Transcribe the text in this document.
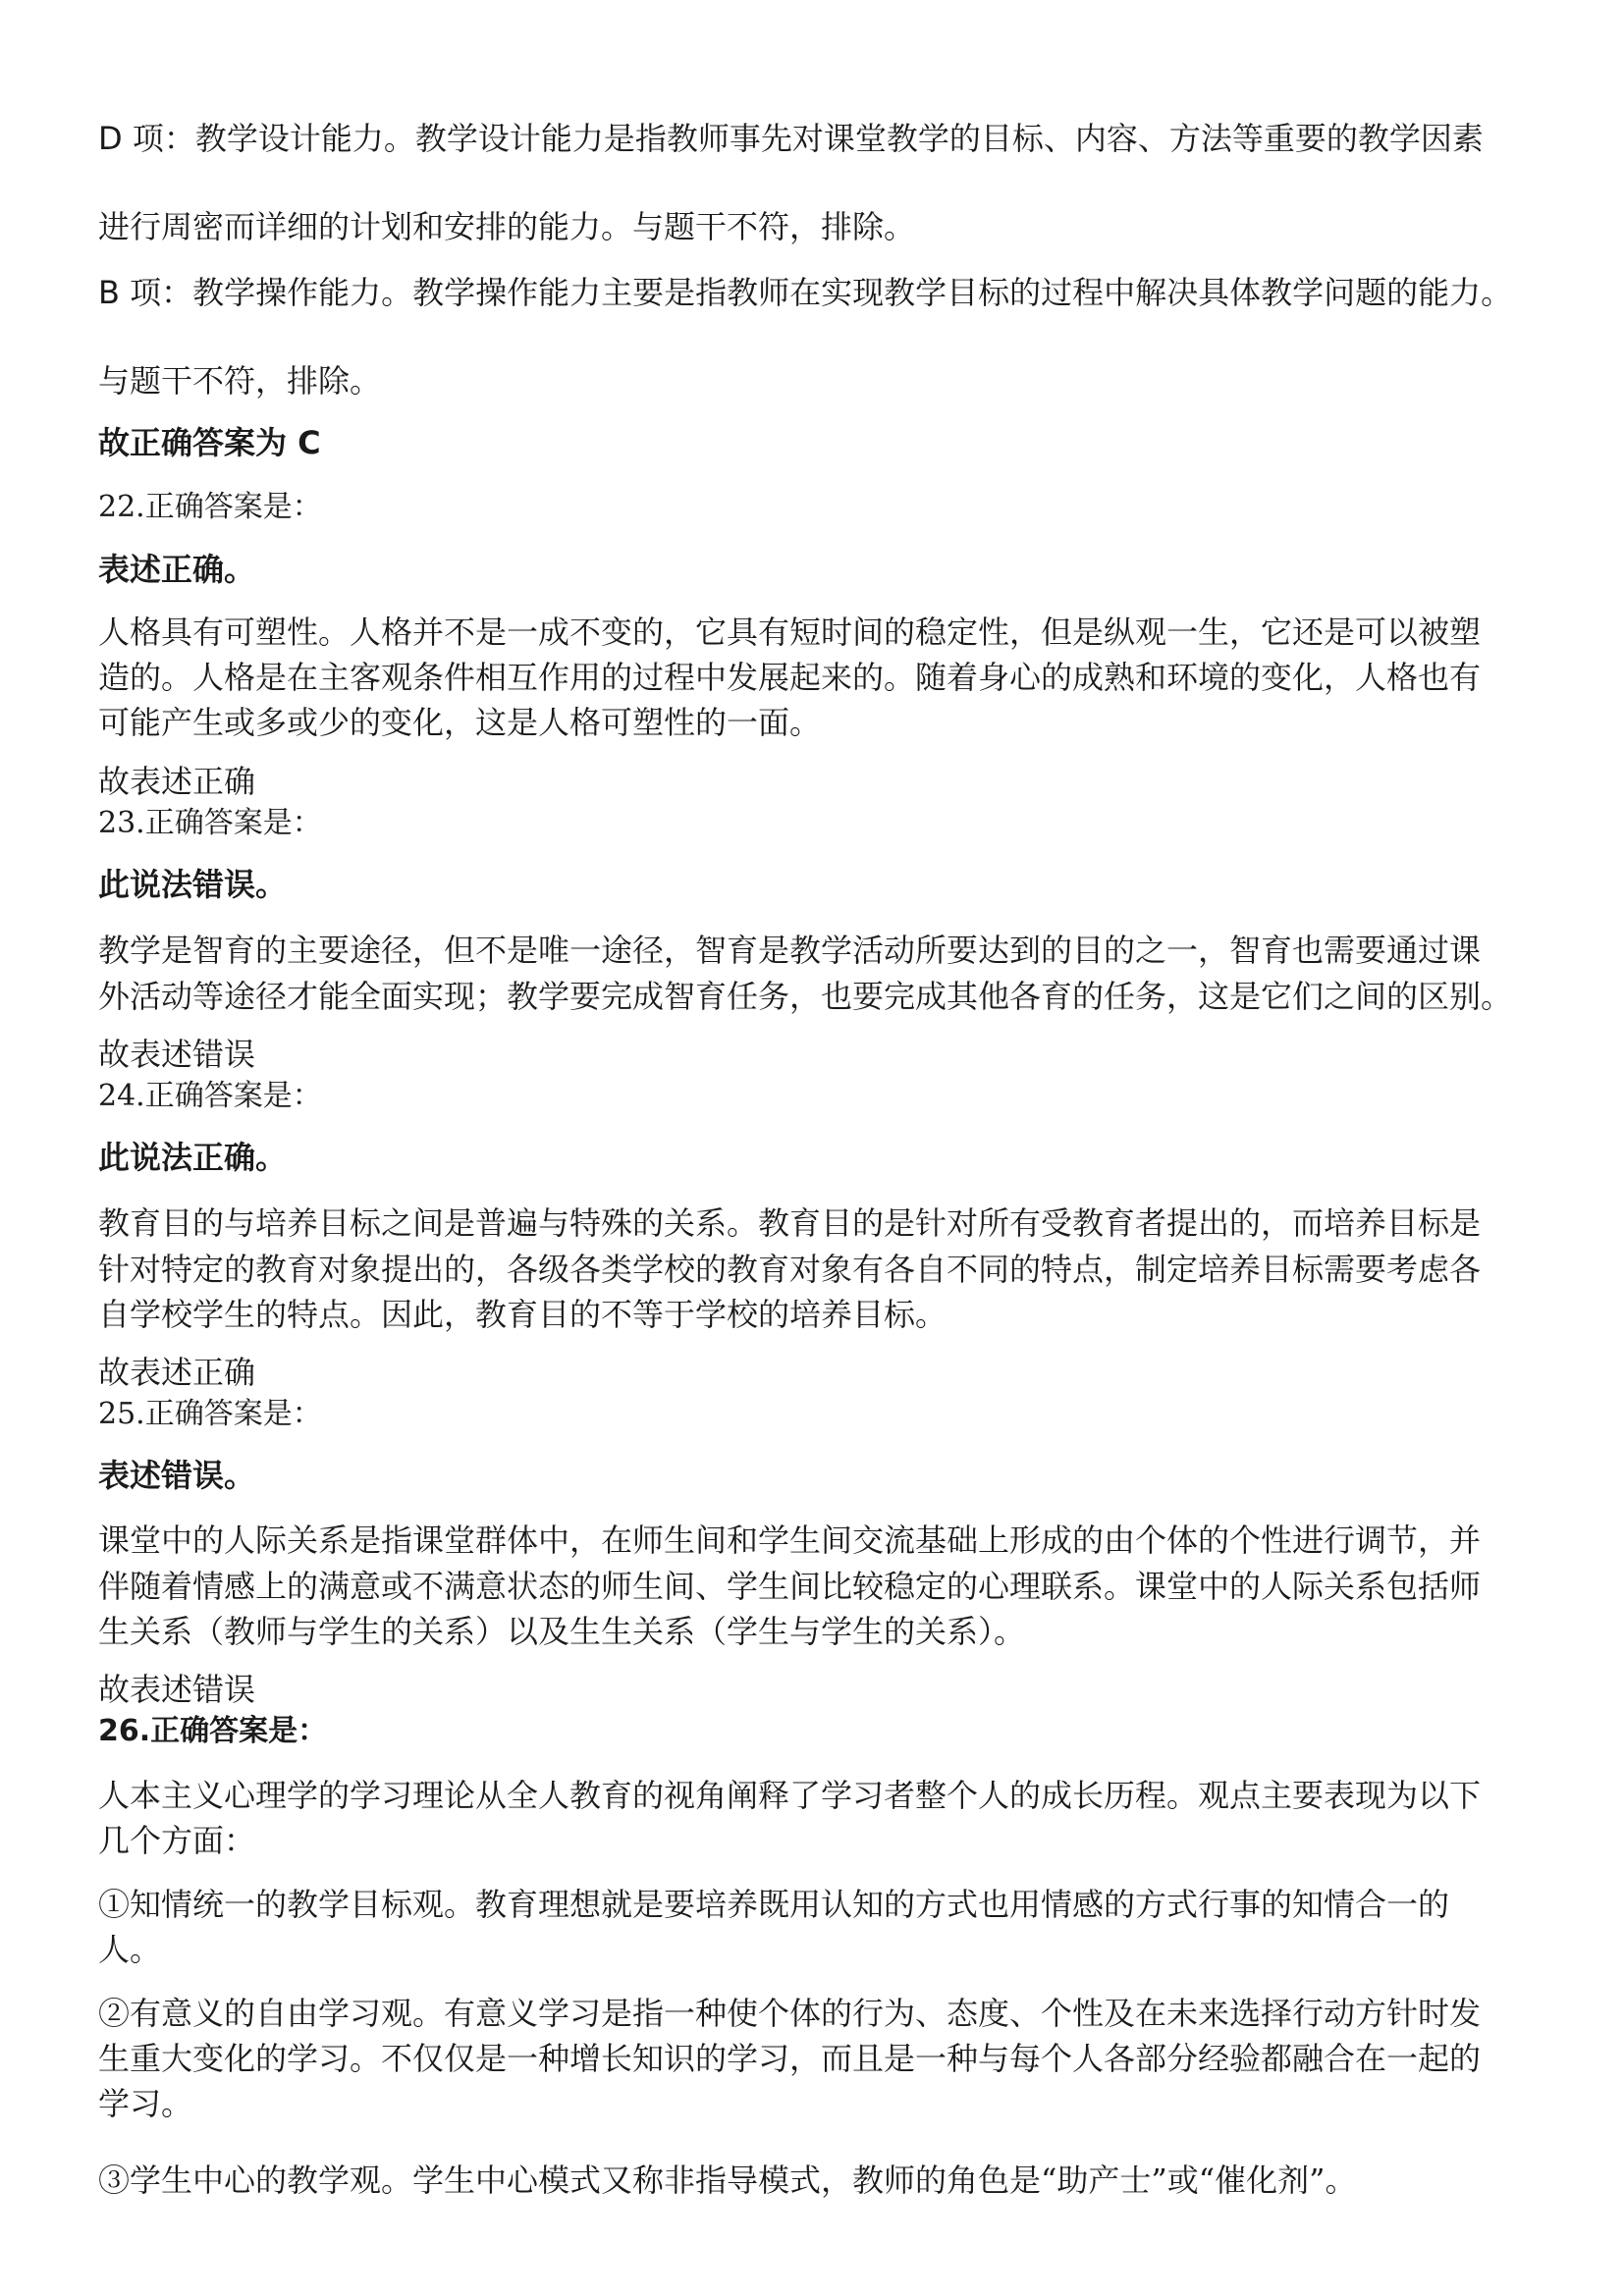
D 项：教学设计能力。教学设计能力是指教师事先对课堂教学的目标、内容、方法等重要的教学因素
进行周密而详细的计划和安排的能力。与题干不符，排除。
B 项：教学操作能力。教学操作能力主要是指教师在实现教学目标的过程中解决具体教学问题的能力。
与题干不符，排除。
故正确答案为 C
22.正确答案是：
表述正确。
人格具有可塑性。人格并不是一成不变的，它具有短时间的稳定性，但是纵观一生，它还是可以被塑
造的。人格是在主客观条件相互作用的过程中发展起来的。随着身心的成熟和环境的变化，人格也有
可能产生或多或少的变化，这是人格可塑性的一面。
故表述正确
23.正确答案是：
此说法错误。
教学是智育的主要途径，但不是唯一途径，智育是教学活动所要达到的目的之一，智育也需要通过课
外活动等途径才能全面实现；教学要完成智育任务，也要完成其他各育的任务，这是它们之间的区别。
故表述错误
24.正确答案是：
此说法正确。
教育目的与培养目标之间是普遍与特殊的关系。教育目的是针对所有受教育者提出的，而培养目标是
针对特定的教育对象提出的，各级各类学校的教育对象有各自不同的特点，制定培养目标需要考虑各
自学校学生的特点。因此，教育目的不等于学校的培养目标。
故表述正确
25.正确答案是：
表述错误。
课堂中的人际关系是指课堂群体中，在师生间和学生间交流基础上形成的由个体的个性进行调节，并
伴随着情感上的满意或不满意状态的师生间、学生间比较稳定的心理联系。课堂中的人际关系包括师
生关系（教师与学生的关系）以及生生关系（学生与学生的关系）。
故表述错误
26.正确答案是：
人本主义心理学的学习理论从全人教育的视角阐释了学习者整个人的成长历程。观点主要表现为以下
几个方面：
①知情统一的教学目标观。教育理想就是要培养既用认知的方式也用情感的方式行事的知情合一的
人。
②有意义的自由学习观。有意义学习是指一种使个体的行为、态度、个性及在未来选择行动方针时发
生重大变化的学习。不仅仅是一种增长知识的学习，而且是一种与每个人各部分经验都融合在一起的
学习。
③学生中心的教学观。学生中心模式又称非指导模式，教师的角色是“助产士”或“催化剂”。
